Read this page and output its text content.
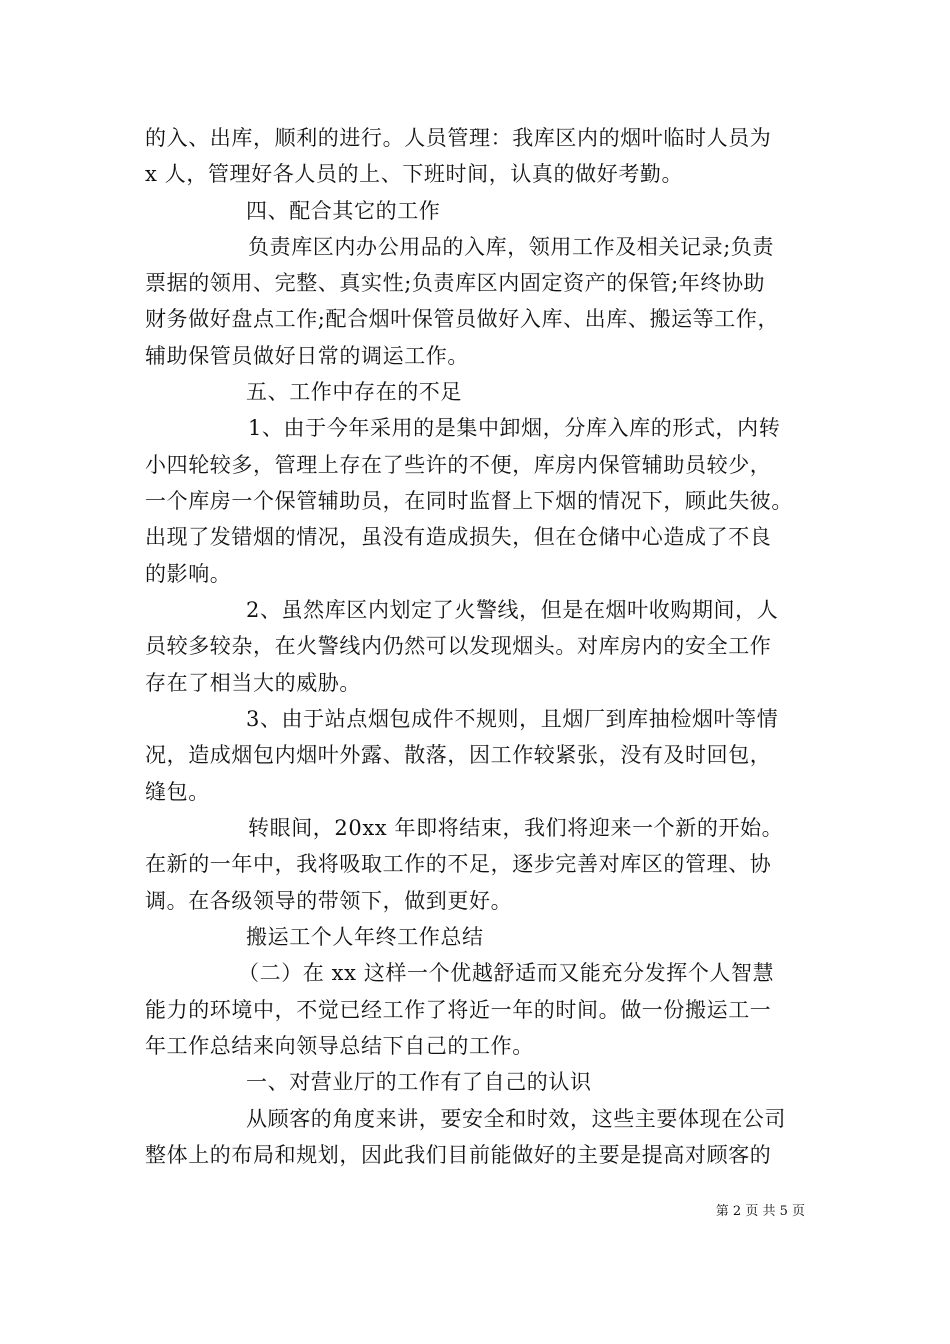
的入、出库，顺利的进行。人员管理：我库区内的烟叶临时人员为
x 人，管理好各人员的上、下班时间，认真的做好考勤。
四、配合其它的工作
负责库区内办公用品的入库，领用工作及相关记录;负责
票据的领用、完整、真实性;负责库区内固定资产的保管;年终协助
财务做好盘点工作;配合烟叶保管员做好入库、出库、搬运等工作，
辅助保管员做好日常的调运工作。
五、工作中存在的不足
1、由于今年采用的是集中卸烟，分库入库的形式，内转
小四轮较多，管理上存在了些许的不便，库房内保管辅助员较少，
一个库房一个保管辅助员，在同时监督上下烟的情况下，顾此失彼。
出现了发错烟的情况，虽没有造成损失，但在仓储中心造成了不良
的影响。
2、虽然库区内划定了火警线，但是在烟叶收购期间，人
员较多较杂，在火警线内仍然可以发现烟头。对库房内的安全工作
存在了相当大的威胁。
3、由于站点烟包成件不规则，且烟厂到库抽检烟叶等情
况，造成烟包内烟叶外露、散落，因工作较紧张，没有及时回包，
缝包。
转眼间，20xx 年即将结束，我们将迎来一个新的开始。
在新的一年中，我将吸取工作的不足，逐步完善对库区的管理、协
调。在各级领导的带领下，做到更好。
搬运工个人年终工作总结
（二）在 xx 这样一个优越舒适而又能充分发挥个人智慧
能力的环境中，不觉已经工作了将近一年的时间。做一份搬运工一
年工作总结来向领导总结下自己的工作。
一、对营业厅的工作有了自己的认识
从顾客的角度来讲，要安全和时效，这些主要体现在公司
整体上的布局和规划，因此我们目前能做好的主要是提高对顾客的
第 2 页 共 5 页
